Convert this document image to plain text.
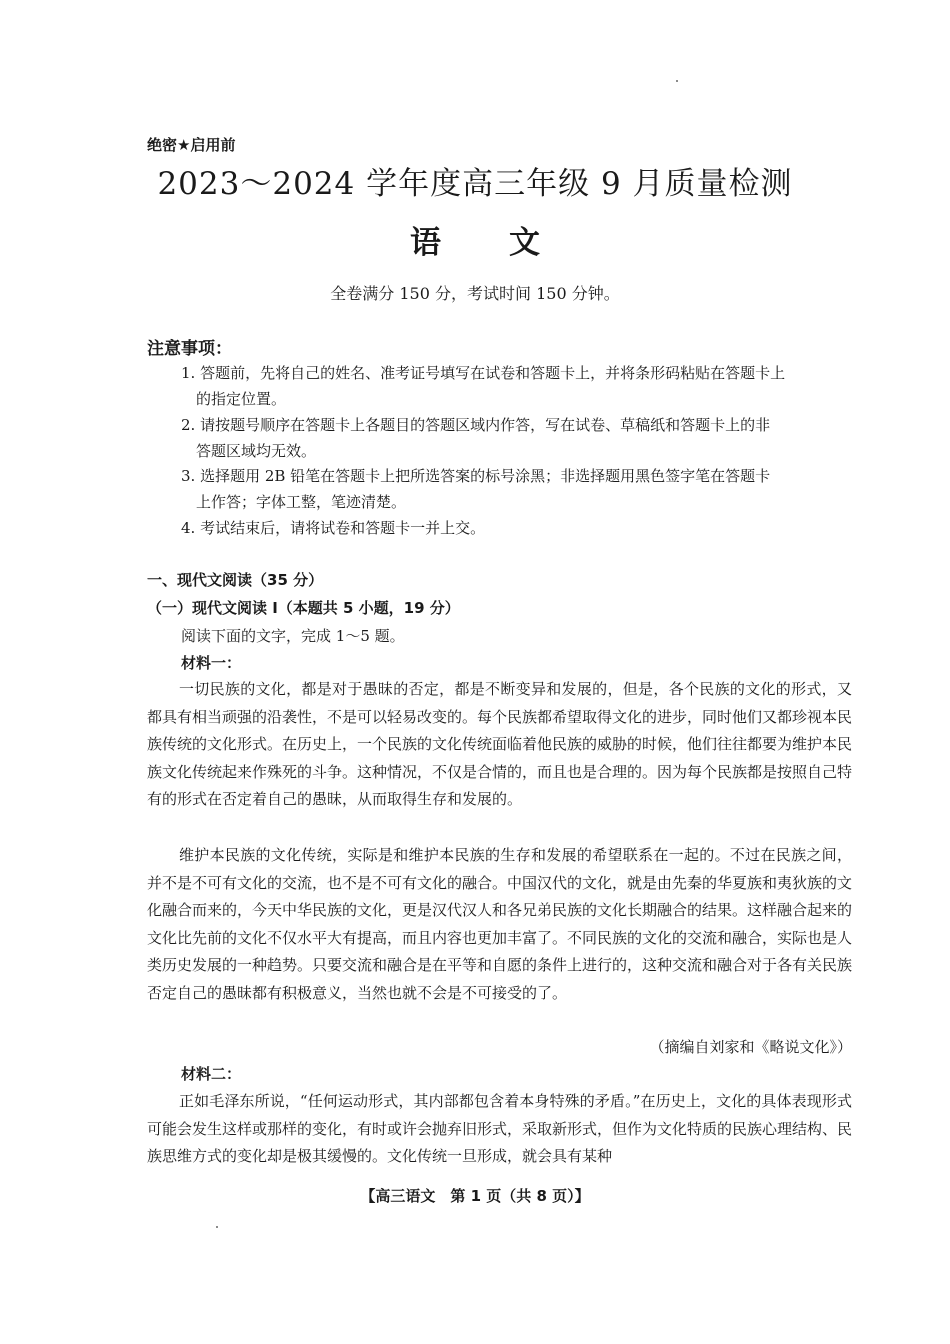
绝密★启用前
2023～2024 学年度高三年级 9 月质量检测
语 文
全卷满分 150 分，考试时间 150 分钟。
注意事项：
1. 答题前，先将自己的姓名、准考证号填写在试卷和答题卡上，并将条形码粘贴在答题卡上
的指定位置。
2. 请按题号顺序在答题卡上各题目的答题区域内作答，写在试卷、草稿纸和答题卡上的非
答题区域均无效。
3. 选择题用 2B 铅笔在答题卡上把所选答案的标号涂黑；非选择题用黑色签字笔在答题卡
上作答；字体工整，笔迹清楚。
4. 考试结束后，请将试卷和答题卡一并上交。
一、现代文阅读（35 分）
（一）现代文阅读 Ⅰ（本题共 5 小题，19 分）
阅读下面的文字，完成 1～5 题。
材料一：
一切民族的文化，都是对于愚昧的否定，都是不断变异和发展的，但是，各个民族的文化的形式，又都具有相当顽强的沿袭性，不是可以轻易改变的。每个民族都希望取得文化的进步，同时他们又都珍视本民族传统的文化形式。在历史上，一个民族的文化传统面临着他民族的威胁的时候，他们往往都要为维护本民族文化传统起来作殊死的斗争。这种情况，不仅是合情的，而且也是合理的。因为每个民族都是按照自己特有的形式在否定着自己的愚昧，从而取得生存和发展的。
维护本民族的文化传统，实际是和维护本民族的生存和发展的希望联系在一起的。不过在民族之间，并不是不可有文化的交流，也不是不可有文化的融合。中国汉代的文化，就是由先秦的华夏族和夷狄族的文化融合而来的，今天中华民族的文化，更是汉代汉人和各兄弟民族的文化长期融合的结果。这样融合起来的文化比先前的文化不仅水平大有提高，而且内容也更加丰富了。不同民族的文化的交流和融合，实际也是人类历史发展的一种趋势。只要交流和融合是在平等和自愿的条件上进行的，这种交流和融合对于各有关民族否定自己的愚昧都有积极意义，当然也就不会是不可接受的了。
（摘编自刘家和《略说文化》）
材料二：
正如毛泽东所说，“任何运动形式，其内部都包含着本身特殊的矛盾。”在历史上，文化的具体表现形式可能会发生这样或那样的变化，有时或许会抛弃旧形式，采取新形式，但作为文化特质的民族心理结构、民族思维方式的变化却是极其缓慢的。文化传统一旦形成，就会具有某种
【高三语文　第 1 页（共 8 页）】
